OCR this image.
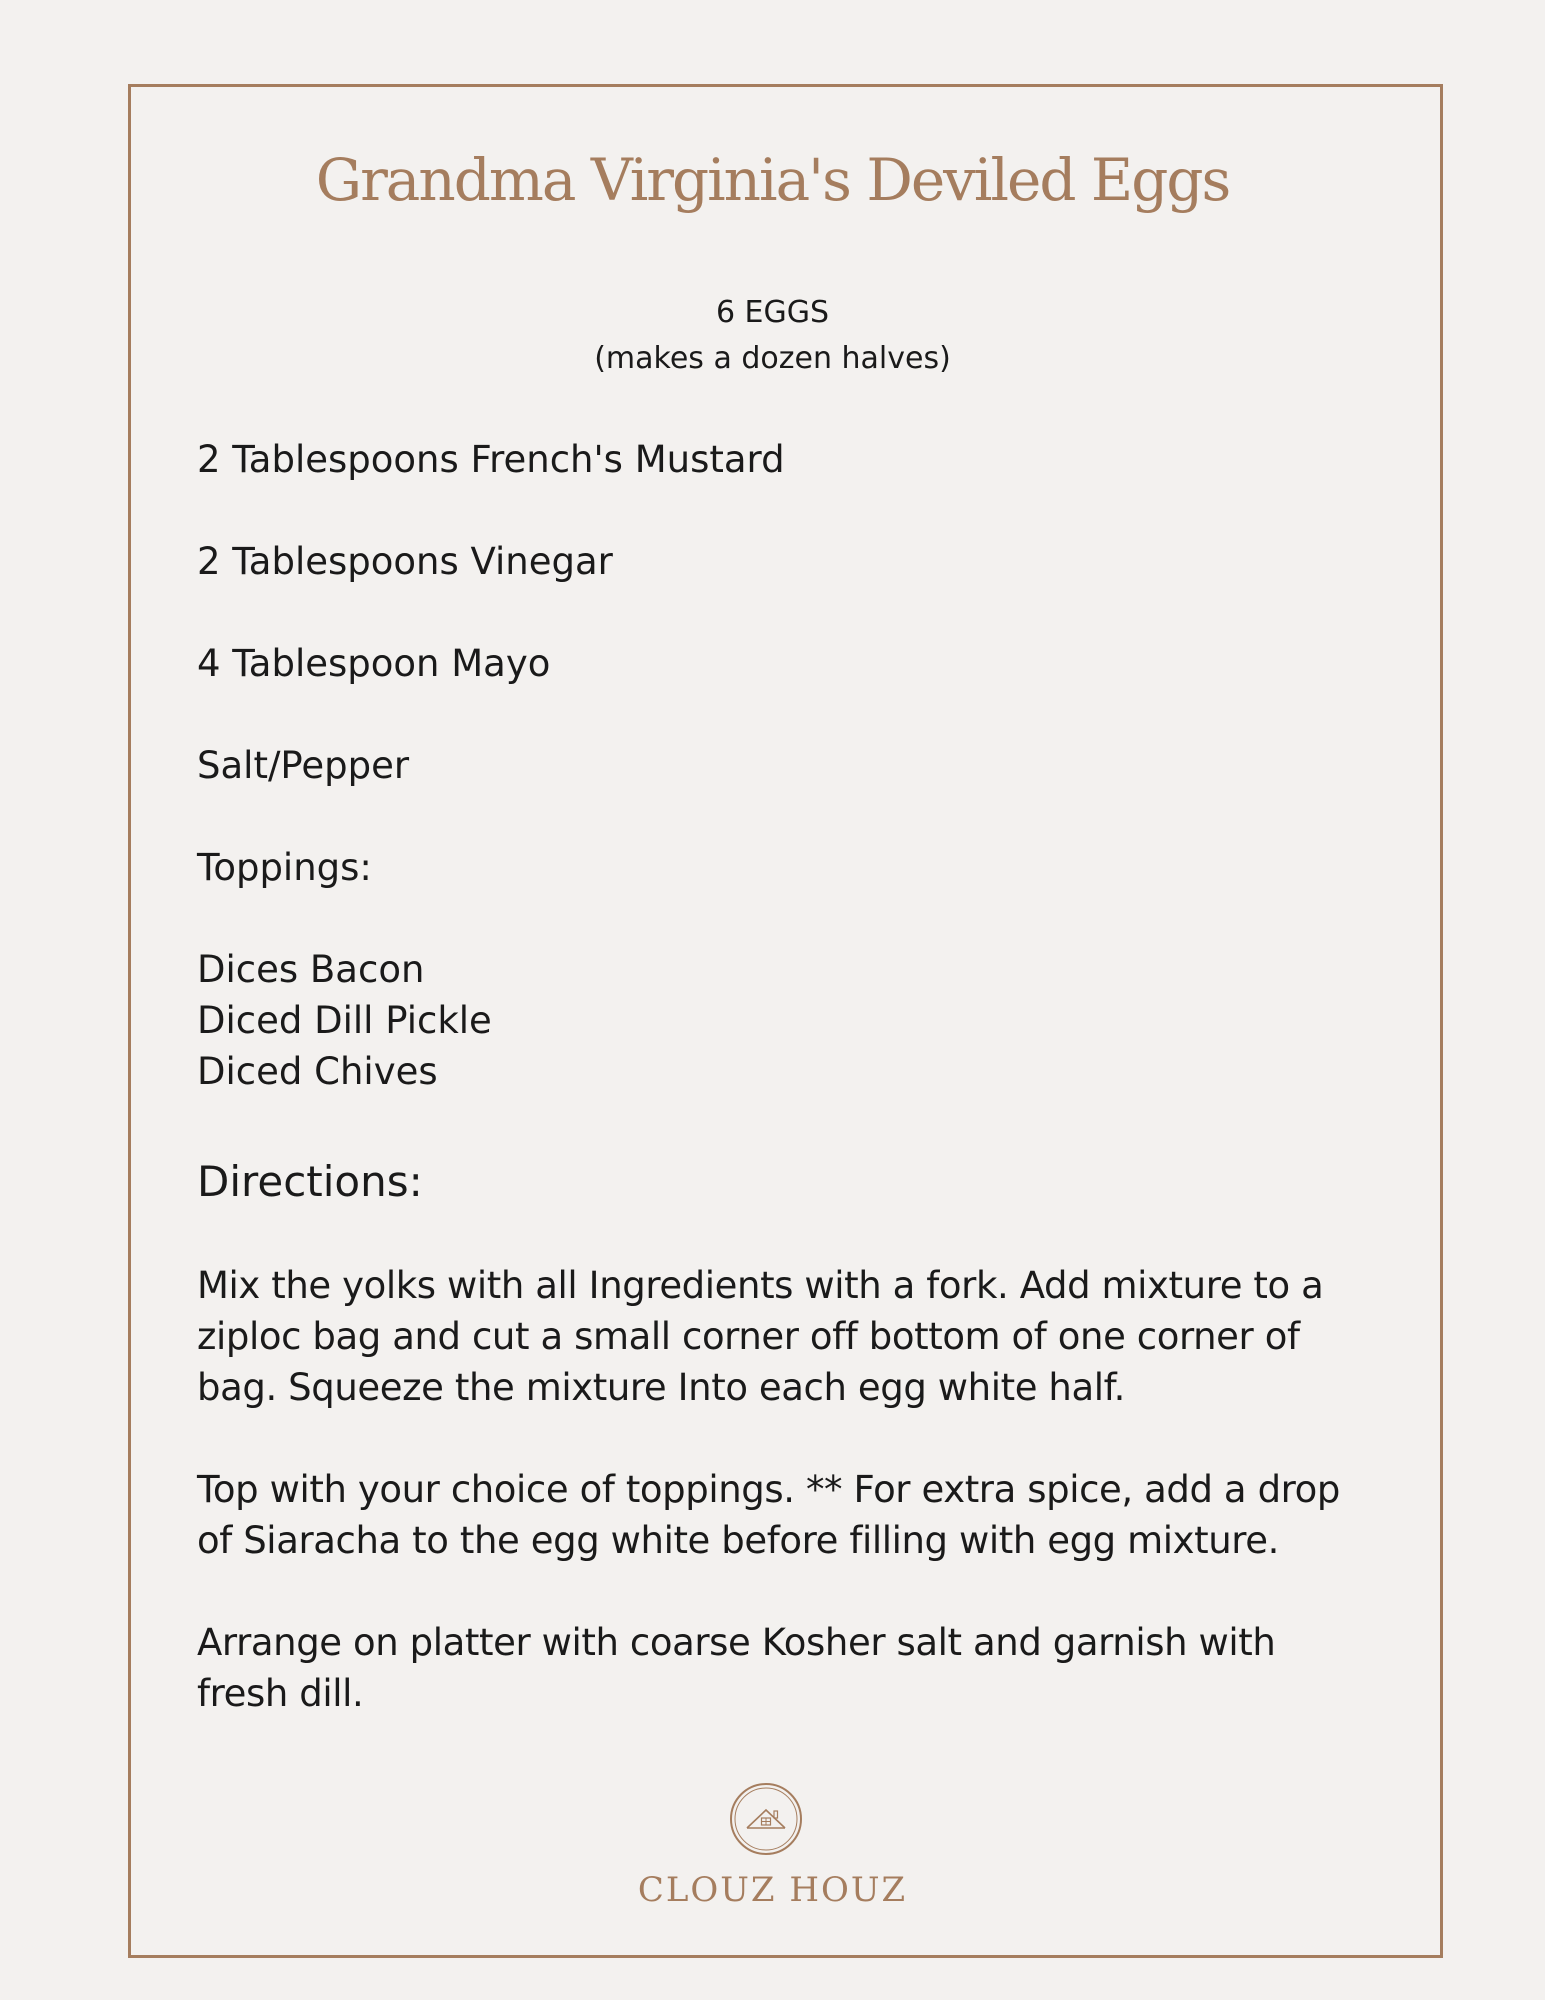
Grandma Virginia's Deviled Eggs
6 EGGS
(makes a dozen halves)
2 Tablespoons French's Mustard
2 Tablespoons Vinegar
4 Tablespoon Mayo
Salt/Pepper
Toppings:
Dices Bacon
Diced Dill Pickle
Diced Chives
Directions:

Mix the yolks with all Ingredients with a fork. Add mixture to a ziploc bag and cut a small corner off bottom of one corner of bag. Squeeze the mixture Into each egg white half.

Top with your choice of toppings. ** For extra spice, add a drop of Siaracha to the egg white before filling with egg mixture.

Arrange on platter with coarse Kosher salt and garnish with fresh dill.

CLOUZ HOUZ
